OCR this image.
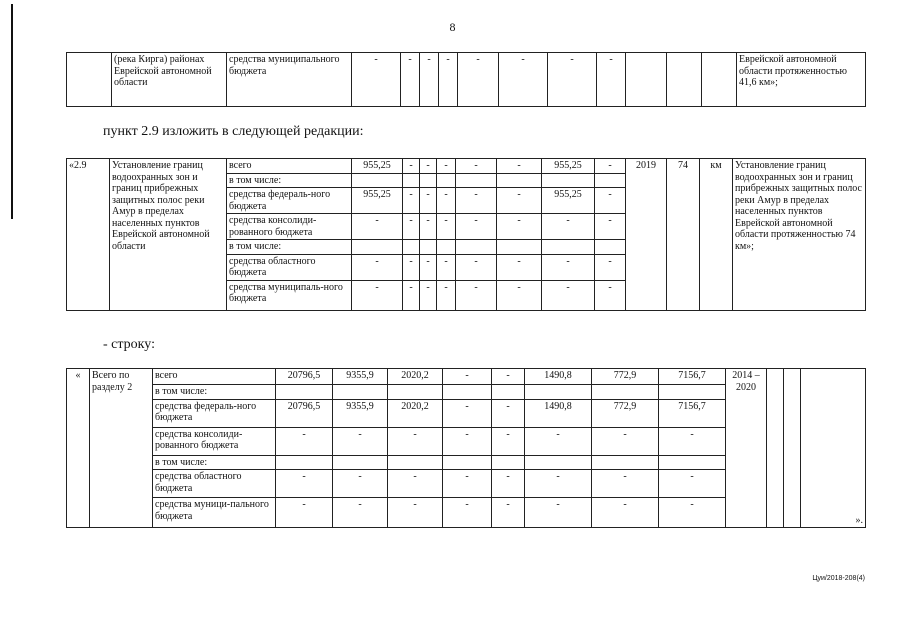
8
	(река Кирга) районах Еврейской автономной области	средства муниципального бюджета	-	-	-	-	-	-	-	-				Еврейской автономной области протяженностью 41,6 км»;
пункт 2.9 изложить в следующей редакции:
«2.9	Установление границ водоохранных зон и границ прибрежных защитных полос реки Амур в пределах населенных пунктов Еврейской автономной области	всего	955,25	-	-	-	-	-	955,25	-	2019	74	км	Установление границ водоохранных зон и границ прибрежных защитных полос реки Амур в пределах населенных пунктов Еврейской автономной области протяженностью 74 км»;
		в том числе:												
		средства федераль-ного бюджета	955,25	-	-	-	-	-	955,25	-				
		средства консолиди-рованного бюджета	-	-	-	-	-	-	-	-				
		в том числе:												
		средства областного бюджета	-	-	-	-	-	-	-	-				
		средства муниципаль-ного бюджета	-	-	-	-	-	-	-	-				
- строку:
«	Всего по разделу 2	всего	20796,5	9355,9	2020,2	-	-	1490,8	772,9	7156,7	2014 – 2020			».
		в том числе:												
		средства федераль-ного бюджета	20796,5	9355,9	2020,2	-	-	1490,8	772,9	7156,7				
		средства консолиди-рованного бюджета	-	-	-	-	-	-	-	-				
		в том числе:												
		средства областного бюджета	-	-	-	-	-	-	-	-				
		средства муници-пального бюджета	-	-	-	-	-	-	-	-				
Цуи/2018-208(4)
